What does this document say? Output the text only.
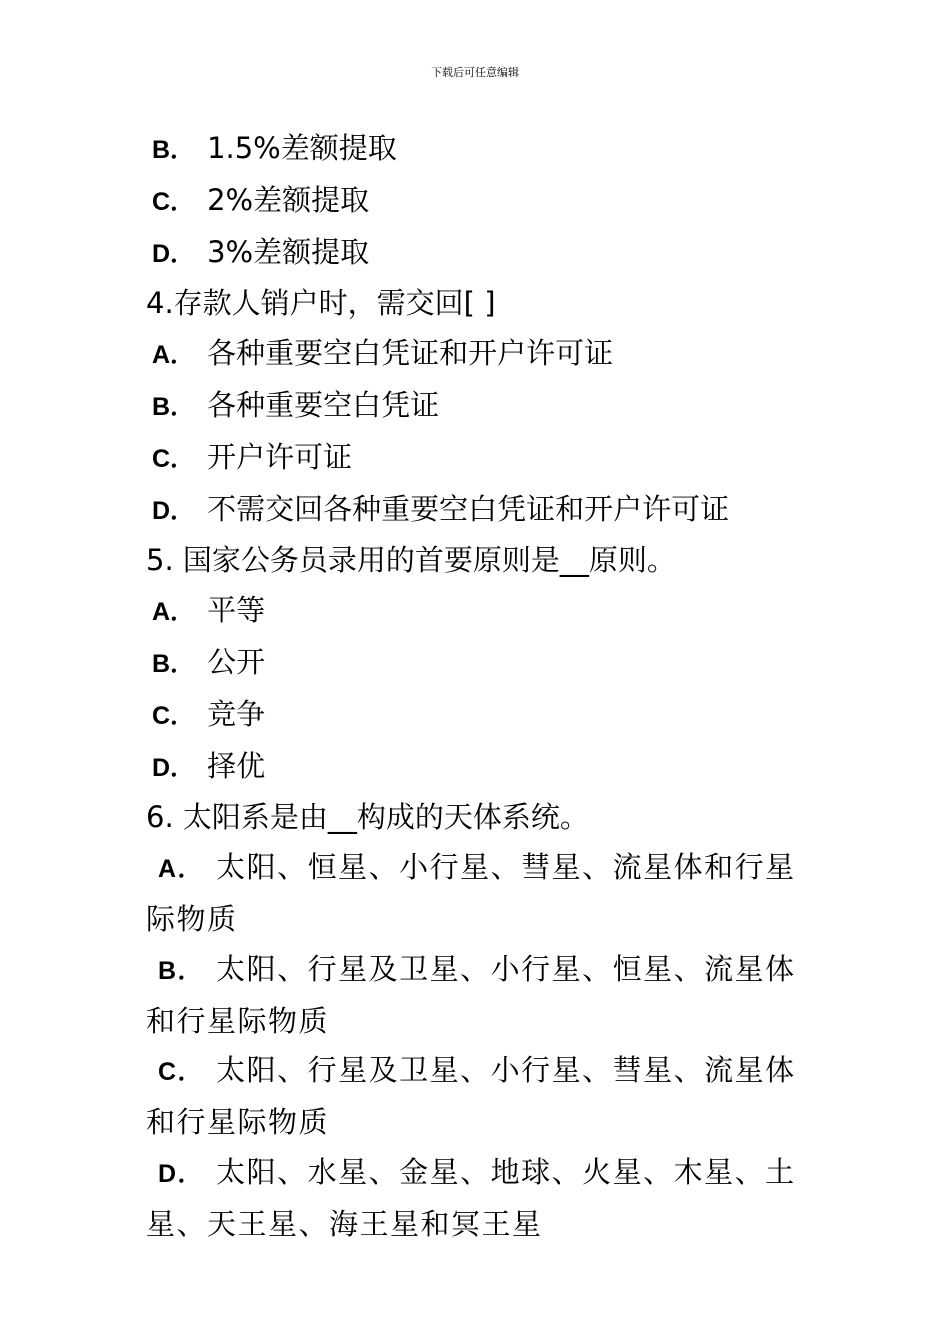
下载后可任意编辑
B． 1.5%差额提取
C． 2%差额提取
D． 3%差额提取
4.存款人销户时，需交回[ ]
A． 各种重要空白凭证和开户许可证
B． 各种重要空白凭证
C． 开户许可证
D． 不需交回各种重要空白凭证和开户许可证
5. 国家公务员录用的首要原则是__原则。
A． 平等
B． 公开
C． 竞争
D． 择优
6. 太阳系是由__构成的天体系统。
A． 太阳、恒星、小行星、彗星、流星体和行星际物质
B． 太阳、行星及卫星、小行星、恒星、流星体和行星际物质
C． 太阳、行星及卫星、小行星、彗星、流星体和行星际物质
D． 太阳、水星、金星、地球、火星、木星、土星、天王星、海王星和冥王星
